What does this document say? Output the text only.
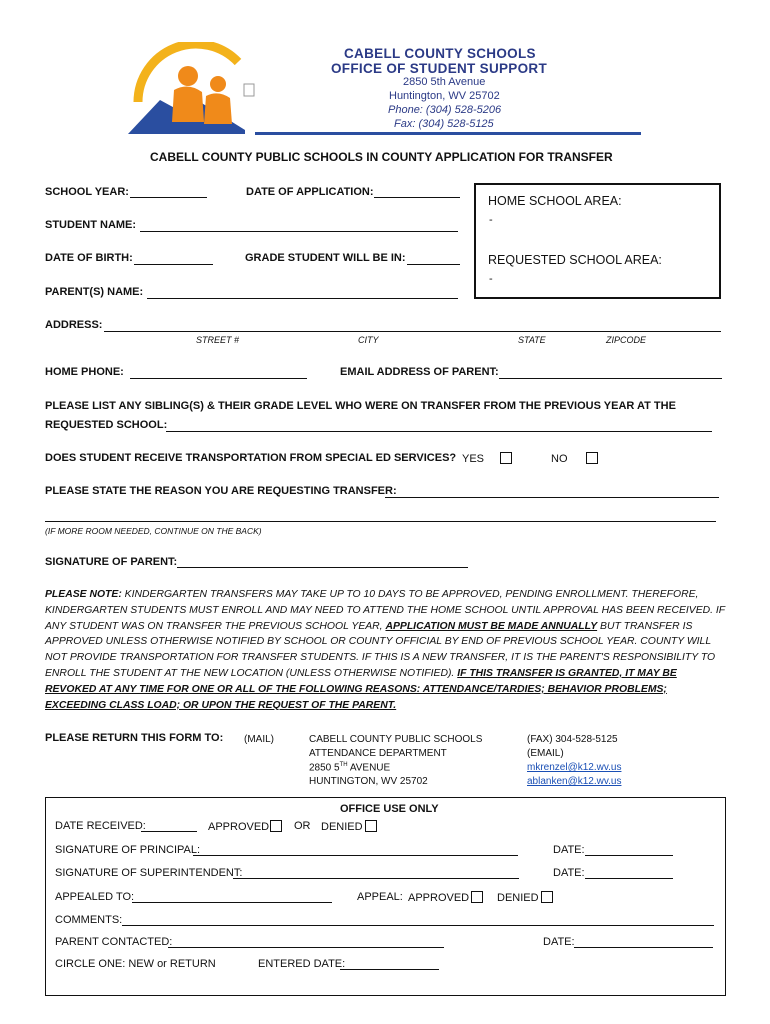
CABELL COUNTY SCHOOLS
OFFICE OF STUDENT SUPPORT
2850 5th Avenue
Huntington, WV 25702
Phone: (304) 528-5206
Fax: (304) 528-5125
CABELL COUNTY PUBLIC SCHOOLS IN COUNTY APPLICATION FOR TRANSFER
SCHOOL YEAR:	DATE OF APPLICATION:
HOME SCHOOL AREA:
-
REQUESTED SCHOOL AREA:
-
STUDENT NAME:
DATE OF BIRTH:	GRADE STUDENT WILL BE IN:
PARENT(S) NAME:
ADDRESS:
STREET #	CITY	STATE	ZIPCODE
HOME PHONE:	EMAIL ADDRESS OF PARENT:
PLEASE LIST ANY SIBLING(S) & THEIR GRADE LEVEL WHO WERE ON TRANSFER FROM THE PREVIOUS YEAR AT THE
REQUESTED SCHOOL:
DOES STUDENT RECEIVE TRANSPORTATION FROM SPECIAL ED SERVICES? YES	NO
PLEASE STATE THE REASON YOU ARE REQUESTING TRANSFER:
(IF MORE ROOM NEEDED, CONTINUE ON THE BACK)
SIGNATURE OF PARENT:

PLEASE NOTE: KINDERGARTEN TRANSFERS MAY TAKE UP TO 10 DAYS TO BE APPROVED, PENDING ENROLLMENT. THEREFORE, KINDERGARTEN STUDENTS MUST ENROLL AND MAY NEED TO ATTEND THE HOME SCHOOL UNTIL APPROVAL HAS BEEN RECEIVED. IF ANY STUDENT WAS ON TRANSFER THE PREVIOUS SCHOOL YEAR, APPLICATION MUST BE MADE ANNUALLY BUT TRANSFER IS APPROVED UNLESS OTHERWISE NOTIFIED BY SCHOOL OR COUNTY OFFICIAL BY END OF PREVIOUS SCHOOL YEAR. COUNTY WILL NOT PROVIDE TRANSPORTATION FOR TRANSFER STUDENTS. IF THIS IS A NEW TRANSFER, IT IS THE PARENT'S RESPONSIBILITY TO ENROLL THE STUDENT AT THE NEW LOCATION (UNLESS OTHERWISE NOTIFIED). IF THIS TRANSFER IS GRANTED, IT MAY BE REVOKED AT ANY TIME FOR ONE OR ALL OF THE FOLLOWING REASONS: ATTENDANCE/TARDIES; BEHAVIOR PROBLEMS; EXCEEDING CLASS LOAD; OR UPON THE REQUEST OF THE PARENT.

PLEASE RETURN THIS FORM TO: (MAIL)	CABELL COUNTY PUBLIC SCHOOLS
ATTENDANCE DEPARTMENT
2850 5TH AVENUE
HUNTINGTON, WV 25702
(FAX) 304-528-5125
(EMAIL)
mkrenzel@k12.wv.us
ablanken@k12.wv.us
OFFICE USE ONLY
DATE RECEIVED:	APPROVED	OR DENIED
SIGNATURE OF PRINCIPAL:	DATE:
SIGNATURE OF SUPERINTENDENT:	DATE:
APPEALED TO:	APPEAL: APPROVED	DENIED
COMMENTS:
PARENT CONTACTED:	DATE:
CIRCLE ONE: NEW or RETURN	ENTERED DATE:
